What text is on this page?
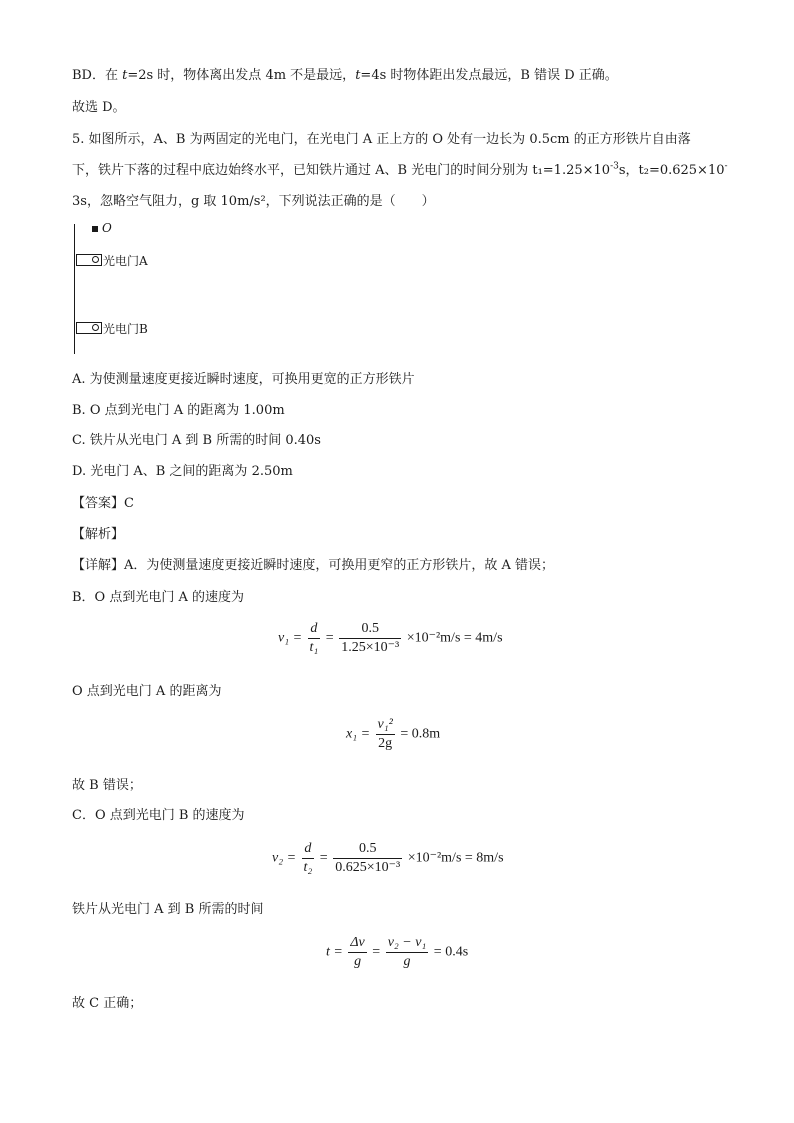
BD．在 t=2s 时，物体离出发点 4m 不是最远，t=4s 时物体距出发点最远，B 错误 D 正确。
故选 D。
5. 如图所示，A、B 为两固定的光电门，在光电门 A 正上方的 O 处有一边长为 0.5cm 的正方形铁片自由落
下，铁片下落的过程中底边始终水平，已知铁片通过 A、B 光电门的时间分别为 $t_1=1.25\times 10^{-3}s$，t₂=0.625×10-
3s，忽略空气阻力，g 取 10m/s²，下列说法正确的是（　　）
O
光电门A
光电门B
A. 为使测量速度更接近瞬时速度，可换用更宽的正方形铁片
B. O 点到光电门 A 的距离为 1.00m
C. 铁片从光电门 A 到 B 所需的时间 0.40s
D. 光电门 A、B 之间的距离为 2.50m
【答案】C
【解析】
【详解】A．为使测量速度更接近瞬时速度，可换用更窄的正方形铁片，故 A 错误；
B．O 点到光电门 A 的速度为
$v_1 = \frac{d}{\text{t₁}} = \frac{0.5}{\text{1.25×10⁻³}} \times 10^{-2}m/s = 4m/s$
O 点到光电门 A 的距离为
$x_1 = \frac{\text{v₁²}}{2g} = 0.8m$
故 B 错误；
C．O 点到光电门 B 的速度为
$v_2 = \frac{d}{\text{t₂}} = \frac{0.5}{\text{0.625×10⁻³}} \times 10^{-2}m/s = 8m/s$
铁片从光电门 A 到 B 所需的时间
$t = \frac{\Delta v}{g} = \frac{\text{v₂ − v₁}}{g} = 0.4s$
故 C 正确；
